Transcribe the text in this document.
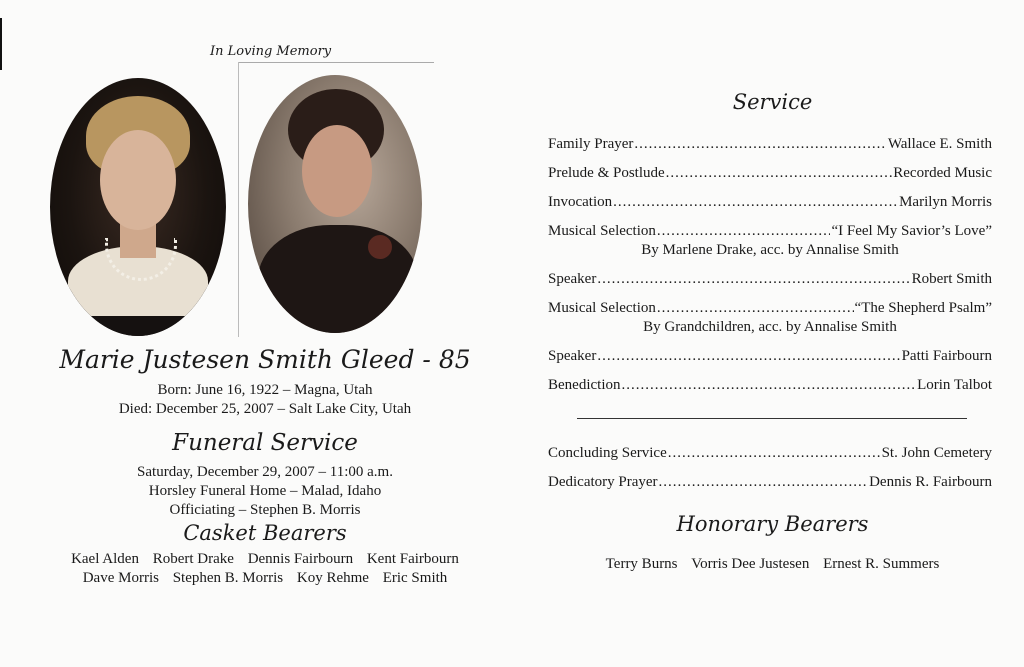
In Loving Memory
Marie Justesen Smith Gleed - 85
Born: June 16, 1922 – Magna, Utah
Died: December 25, 2007 – Salt Lake City, Utah
Funeral Service
Saturday, December 29, 2007 – 11:00 a.m.
Horsley Funeral Home – Malad, Idaho
Officiating – Stephen B. Morris
Casket Bearers
Kael Alden Robert Drake Dennis Fairbourn Kent Fairbourn
Dave Morris Stephen B. Morris Koy Rehme Eric Smith
Service
Family Prayer .....	Wallace E. Smith
Prelude & Postlude .....	Recorded Music
Invocation .....	Marilyn Morris
Musical Selection .....	“I Feel My Savior’s Love”
By Marlene Drake, acc. by Annalise Smith
Speaker .....	Robert Smith
Musical Selection .....	“The Shepherd Psalm”
By Grandchildren, acc. by Annalise Smith
Speaker .....	Patti Fairbourn
Benediction .....	Lorin Talbot
Concluding Service .....	St. John Cemetery
Dedicatory Prayer .....	Dennis R. Fairbourn
Honorary Bearers
Terry Burns Vorris Dee Justesen Ernest R. Summers
